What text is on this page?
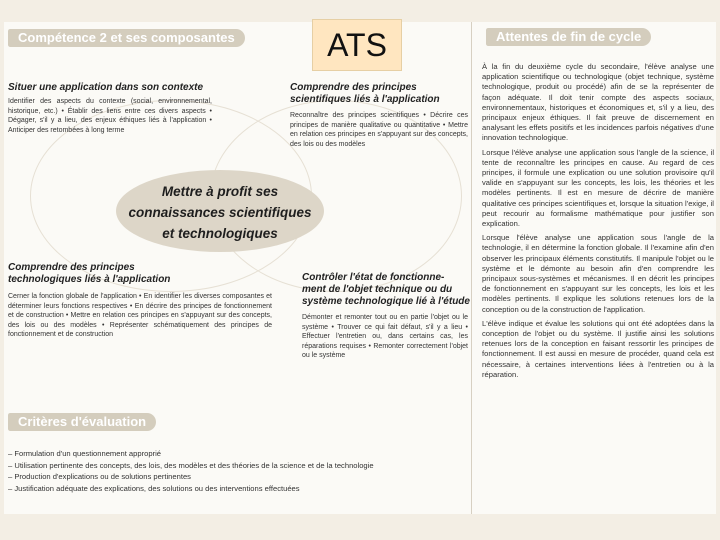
Compétence 2 et ses composantes	Attentes de fin de cycle
Critères d'évaluation
ATS
Situer une application dans son contexte
Identifier des aspects du contexte (social, environnemental, historique, etc.) • Établir des liens entre ces divers aspects • Dégager, s'il y a lieu, des enjeux éthiques liés à l'application • Anticiper des retombées à long terme
Comprendre des principes
scientifiques liés à l'application
Reconnaître des principes scientifiques • Décrire ces principes de manière qualitative ou quantitative • Mettre en relation ces principes en s'appuyant sur des concepts, des lois ou des modèles
Mettre à profit ses
connaissances scientifiques
et technologiques
Comprendre des principes
technologiques liés à l'application
Cerner la fonction globale de l'application • En identifier les diverses composantes et déterminer leurs fonctions respectives • En décrire des principes de fonctionnement et de construction • Mettre en relation ces principes en s'appuyant sur des concepts, des lois ou des modèles • Représenter schématiquement des principes de fonctionnement et de construction
Contrôler l'état de fonctionne-
ment de l'objet technique ou du
système technologique lié à l'étude
Démonter et remonter tout ou en partie l'objet ou le système • Trouver ce qui fait défaut, s'il y a lieu • Effectuer l'entretien ou, dans certains cas, les réparations requises • Remonter correctement l'objet ou le système

À la fin du deuxième cycle du secondaire, l'élève analyse une application scientifique ou technologique (objet technique, système technologique, produit ou procédé) afin de se la représenter de façon adéquate. Il doit tenir compte des aspects sociaux, environnementaux, historiques et économiques et, s'il y a lieu, des principaux enjeux éthiques. Il fait preuve de discernement en analysant les effets positifs et les incidences parfois négatives d'une innovation technologique.

Lorsque l'élève analyse une application sous l'angle de la science, il tente de reconnaître les principes en cause. Au regard de ces principes, il formule une explication ou une solution provisoire qu'il valide en s'appuyant sur les concepts, les lois, les théories et les modèles pertinents. Il est en mesure de décrire de manière qualitative ces principes scientifiques et, lorsque la situation l'exige, il peut recourir au formalisme mathématique pour justifier son explication.

Lorsque l'élève analyse une application sous l'angle de la technologie, il en détermine la fonction globale. Il l'examine afin d'en observer les principaux éléments constitutifs. Il manipule l'objet ou le système et le démonte au besoin afin d'en comprendre les principaux sous-systèmes et mécanismes. Il en décrit les principes de fonctionnement en s'appuyant sur les concepts, les lois et les modèles pertinents. Il explique les solutions retenues lors de la conception ou de la construction de l'application.

L'élève indique et évalue les solutions qui ont été adoptées dans la conception de l'objet ou du système. Il justifie ainsi les solutions retenues lors de la conception en faisant ressortir les principes de fonctionnement. Il est aussi en mesure de procéder, quand cela est nécessaire, à certaines interventions liées à l'entretien ou à la réparation.

– Formulation d'un questionnement approprié
– Utilisation pertinente des concepts, des lois, des modèles et des théories de la science et de la technologie
– Production d'explications ou de solutions pertinentes
– Justification adéquate des explications, des solutions ou des interventions effectuées
